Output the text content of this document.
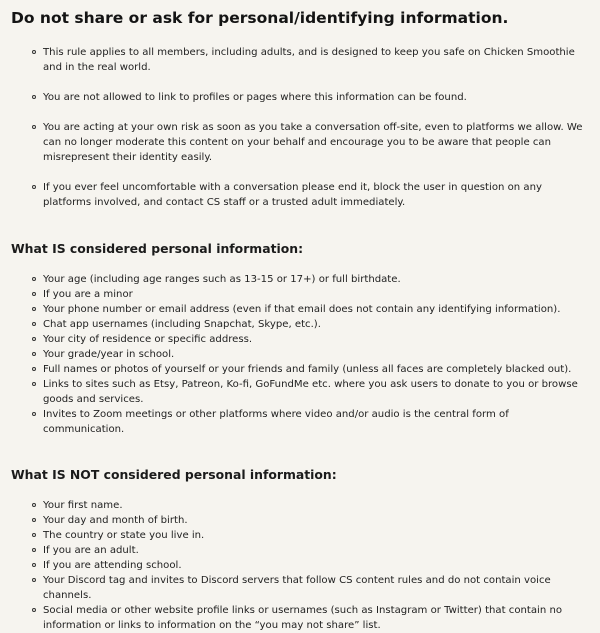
Do not share or ask for personal/identifying information.
This rule applies to all members, including adults, and is designed to keep you safe on Chicken Smoothie and in the real world.
You are not allowed to link to profiles or pages where this information can be found.
You are acting at your own risk as soon as you take a conversation off-site, even to platforms we allow. We can no longer moderate this content on your behalf and encourage you to be aware that people can misrepresent their identity easily.
If you ever feel uncomfortable with a conversation please end it, block the user in question on any platforms involved, and contact CS staff or a trusted adult immediately.
What IS considered personal information:
Your age (including age ranges such as 13-15 or 17+) or full birthdate.
If you are a minor
Your phone number or email address (even if that email does not contain any identifying information).
Chat app usernames (including Snapchat, Skype, etc.).
Your city of residence or specific address.
Your grade/year in school.
Full names or photos of yourself or your friends and family (unless all faces are completely blacked out).
Links to sites such as Etsy, Patreon, Ko-fi, GoFundMe etc. where you ask users to donate to you or browse goods and services.
Invites to Zoom meetings or other platforms where video and/or audio is the central form of communication.
What IS NOT considered personal information:
Your first name.
Your day and month of birth.
The country or state you live in.
If you are an adult.
If you are attending school.
Your Discord tag and invites to Discord servers that follow CS content rules and do not contain voice channels.
Social media or other website profile links or usernames (such as Instagram or Twitter) that contain no information or links to information on the “you may not share” list.
